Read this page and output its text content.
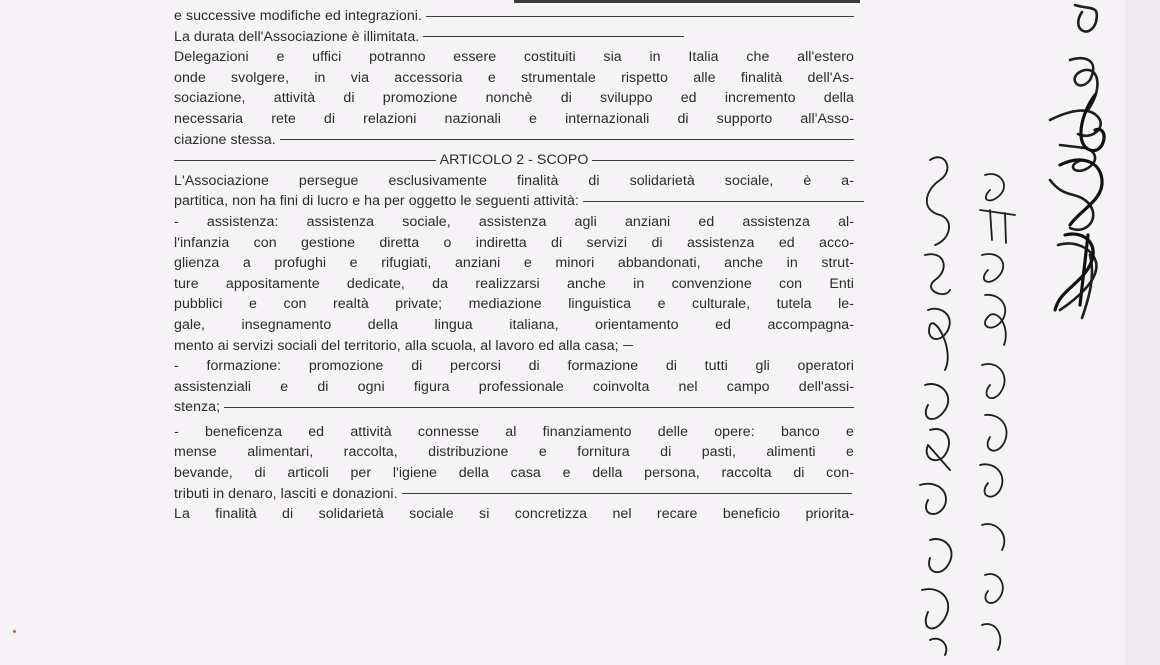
e successive modifiche ed integrazioni.
La durata dell'Associazione è illimitata.
Delegazioni e uffici potranno essere costituiti sia in Italia che all'estero
onde svolgere, in via accessoria e strumentale rispetto alle finalità dell'As-
sociazione, attività di promozione nonchè di sviluppo ed incremento della
necessaria rete di relazioni nazionali e internazionali di supporto all'Asso-
ciazione stessa.
ARTICOLO 2 - SCOPO
L'Associazione persegue esclusivamente finalità di solidarietà sociale, è a-
partitica, non ha fini di lucro e ha per oggetto le seguenti attività:
- assistenza: assistenza sociale, assistenza agli anziani ed assistenza al-
l'infanzia con gestione diretta o indiretta di servizi di assistenza ed acco-
glienza a profughi e rifugiati, anziani e minori abbandonati, anche in strut-
ture appositamente dedicate, da realizzarsi anche in convenzione con Enti
pubblici e con realtà private; mediazione linguistica e culturale, tutela le-
gale, insegnamento della lingua italiana, orientamento ed accompagna-
mento ai servizi sociali del territorio, alla scuola, al lavoro ed alla casa;
- formazione: promozione di percorsi di formazione di tutti gli operatori
assistenziali e di ogni figura professionale coinvolta nel campo dell'assi-
stenza;
- beneficenza ed attività connesse al finanziamento delle opere: banco e
mense alimentari, raccolta, distribuzione e fornitura di pasti, alimenti e
bevande, di articoli per l'igiene della casa e della persona, raccolta di con-
tributi in denaro, lasciti e donazioni.
La finalità di solidarietà sociale si concretizza nel recare beneficio priorita-
